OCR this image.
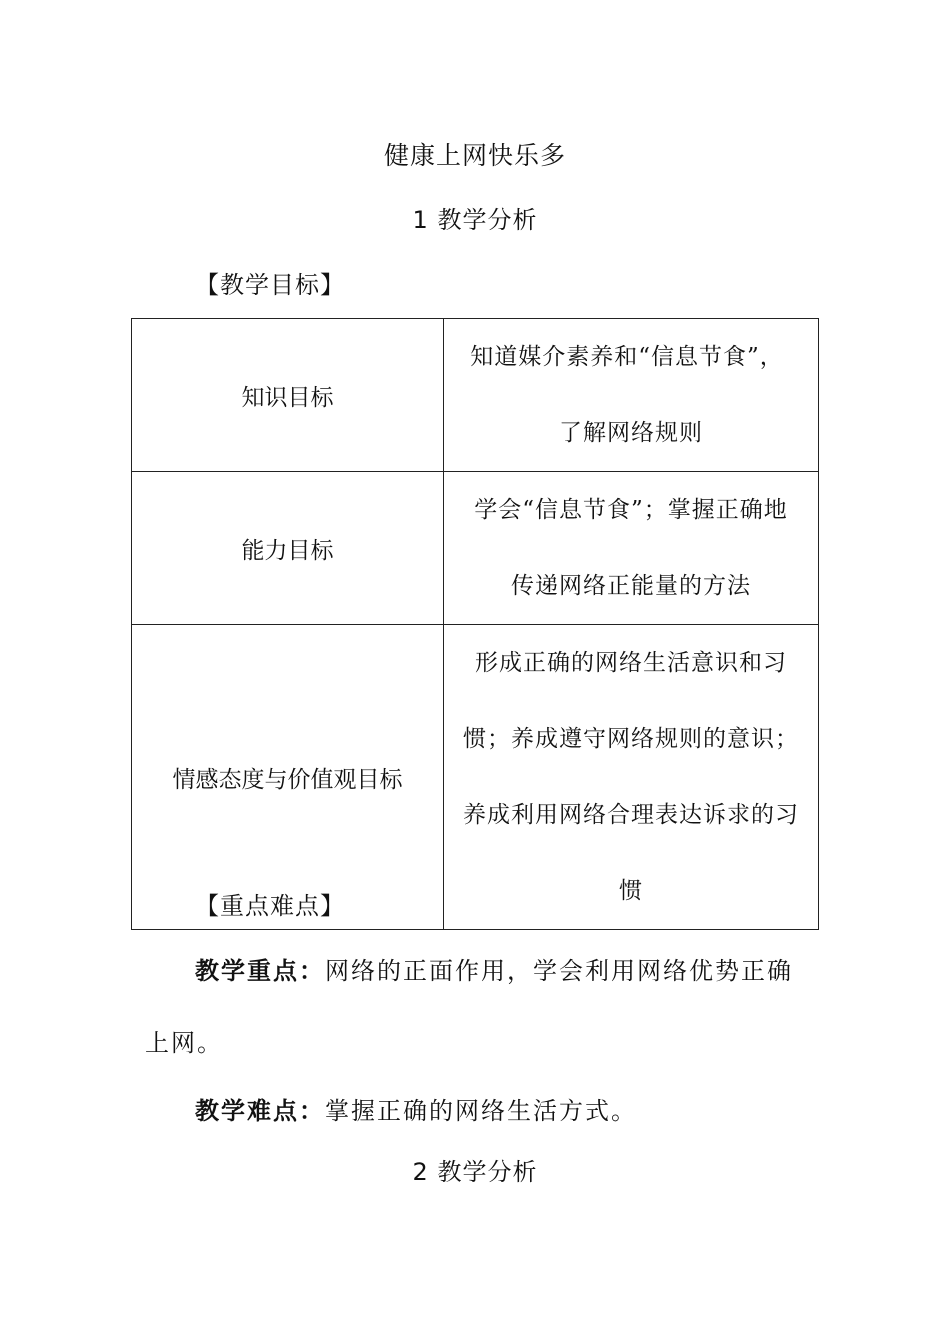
健康上网快乐多
1 教学分析
【教学目标】
知识目标	知道媒介素养和“信息节食”，
了解网络规则

能力目标	学会“信息节食”；掌握正确地
传递网络正能量的方法

情感态度与价值观目标	形成正确的网络生活意识和习
惯；养成遵守网络规则的意识；
养成利用网络合理表达诉求的习
惯
【重点难点】
教学重点：网络的正面作用，学会利用网络优势正确
上网。
教学难点：掌握正确的网络生活方式。
2 教学分析
